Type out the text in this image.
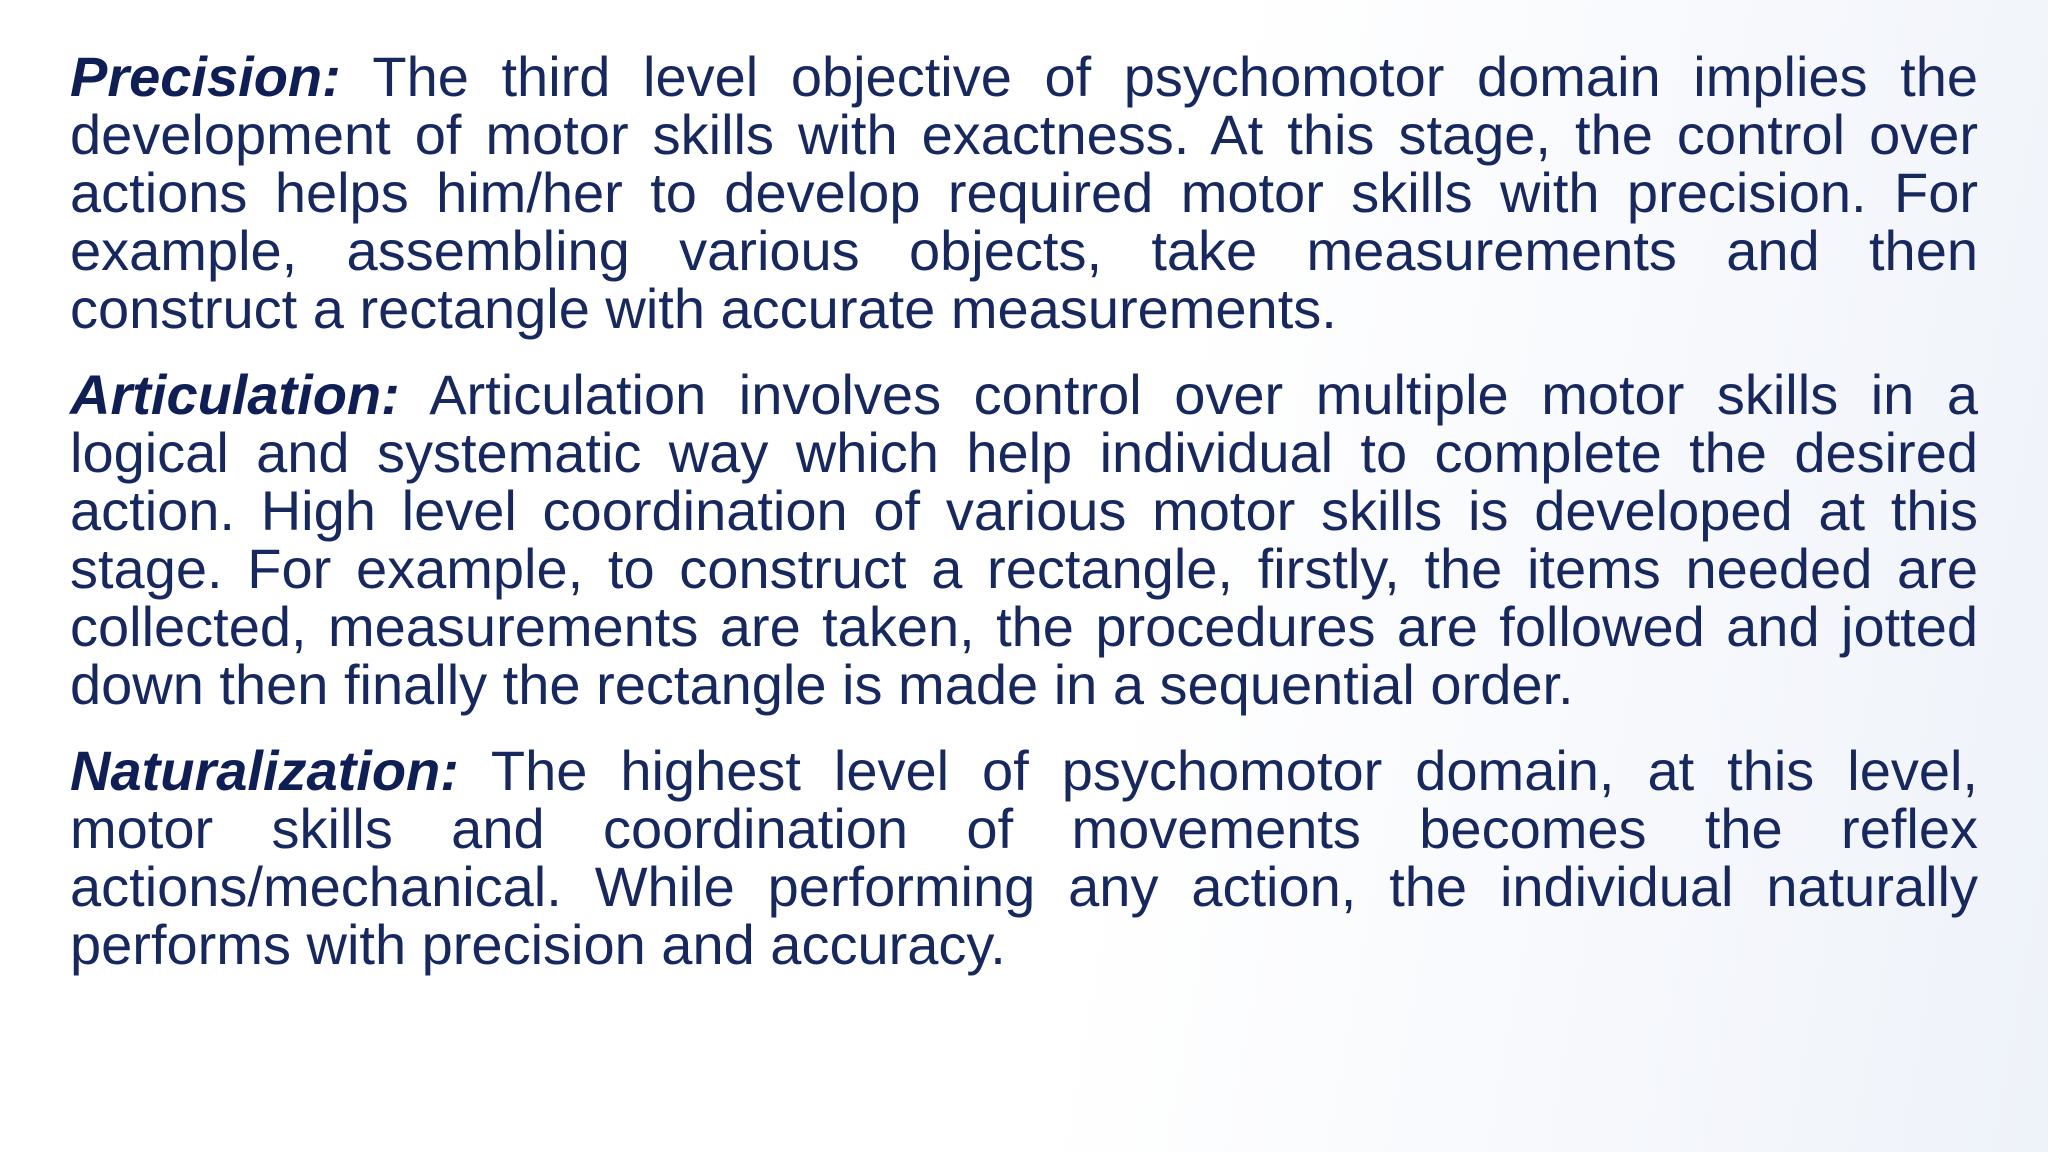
Precision: The third level objective of psychomotor domain implies the development of motor skills with exactness. At this stage, the control over actions helps him/her to develop required motor skills with precision. For example, assembling various objects, take measurements and then construct a rectangle with accurate measurements.

Articulation: Articulation involves control over multiple motor skills in a logical and systematic way which help individual to complete the desired action. High level coordination of various motor skills is developed at this stage. For example, to construct a rectangle, firstly, the items needed are collected, measurements are taken, the procedures are followed and jotted down then finally the rectangle is made in a sequential order.

Naturalization: The highest level of psychomotor domain, at this level, motor skills and coordination of movements becomes the reflex actions/mechanical. While performing any action, the individual naturally performs with precision and accuracy.
